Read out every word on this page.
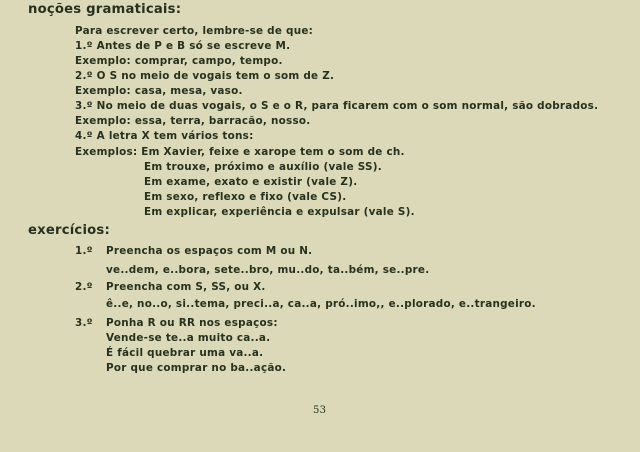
noções gramaticais:
Para escrever certo, lembre-se de que:
1.º Antes de P e B só se escreve M.
Exemplo: comprar, campo, tempo.
2.º O S no meio de vogais tem o som de Z.
Exemplo: casa, mesa, vaso.
3.º No meio de duas vogais, o S e o R, para ficarem com o som normal, são dobrados.
Exemplo: essa, terra, barracão, nosso.
4.º A letra X tem vários tons:
Exemplos: Em Xavier, feixe e xarope tem o som de ch.
Em trouxe, próximo e auxílio (vale SS).
Em exame, exato e existir (vale Z).
Em sexo, reflexo e fixo (vale CS).
Em explicar, experiência e expulsar (vale S).
exercícios:
1.º Preencha os espaços com M ou N.
ve..dem, e..bora, sete..bro, mu..do, ta..bém, se..pre.
2.º Preencha com S, SS, ou X.
ê..e, no..o, si..tema, preci..a, ca..a, pró..imo,, e..plorado, e..trangeiro.
3.º Ponha R ou RR nos espaços:
Vende-se te..a muito ca..a.
É fácil quebrar uma va..a.
Por que comprar no ba..ação.
53
